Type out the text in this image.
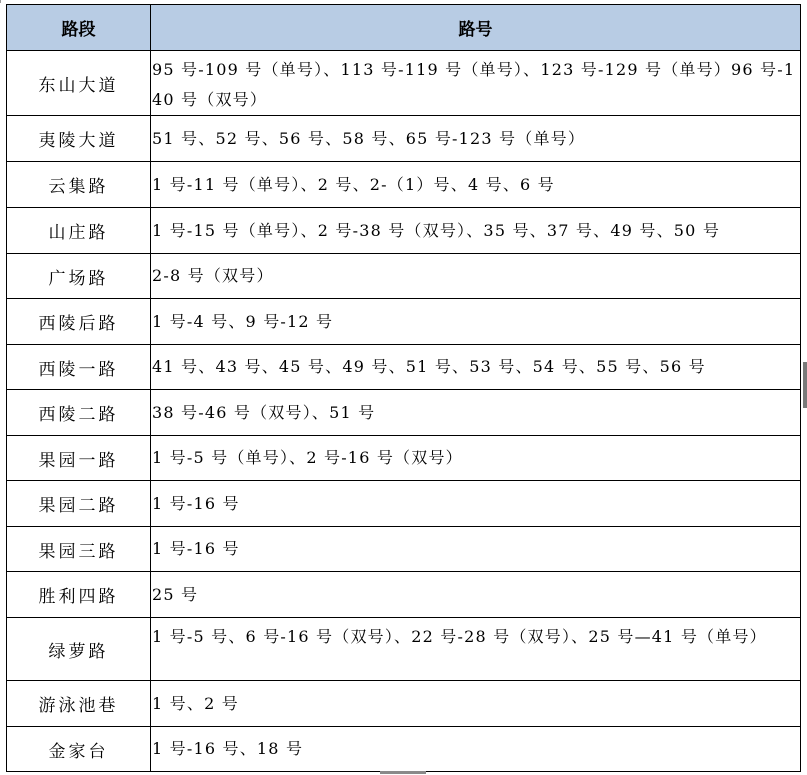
路段	路号
东山大道	95 号-109 号（单号）、113 号-119 号（单号）、123 号-129 号（单号）96 号-140 号（双号）
夷陵大道	51 号、52 号、56 号、58 号、65 号-123 号（单号）
云集路	1 号-11 号（单号）、2 号、2-（1）号、4 号、6 号
山庄路	1 号-15 号（单号）、2 号-38 号（双号）、35 号、37 号、49 号、50 号
广场路	2-8 号（双号）
西陵后路	1 号-4 号、9 号-12 号
西陵一路	41 号、43 号、45 号、49 号、51 号、53 号、54 号、55 号、56 号
西陵二路	38 号-46 号（双号）、51 号
果园一路	1 号-5 号（单号）、2 号-16 号（双号）
果园二路	1 号-16 号
果园三路	1 号-16 号
胜利四路	25 号
绿萝路	1 号-5 号、6 号-16 号（双号）、22 号-28 号（双号）、25 号—41 号（单号）
游泳池巷	1 号、2 号
金家台	1 号-16 号、18 号
